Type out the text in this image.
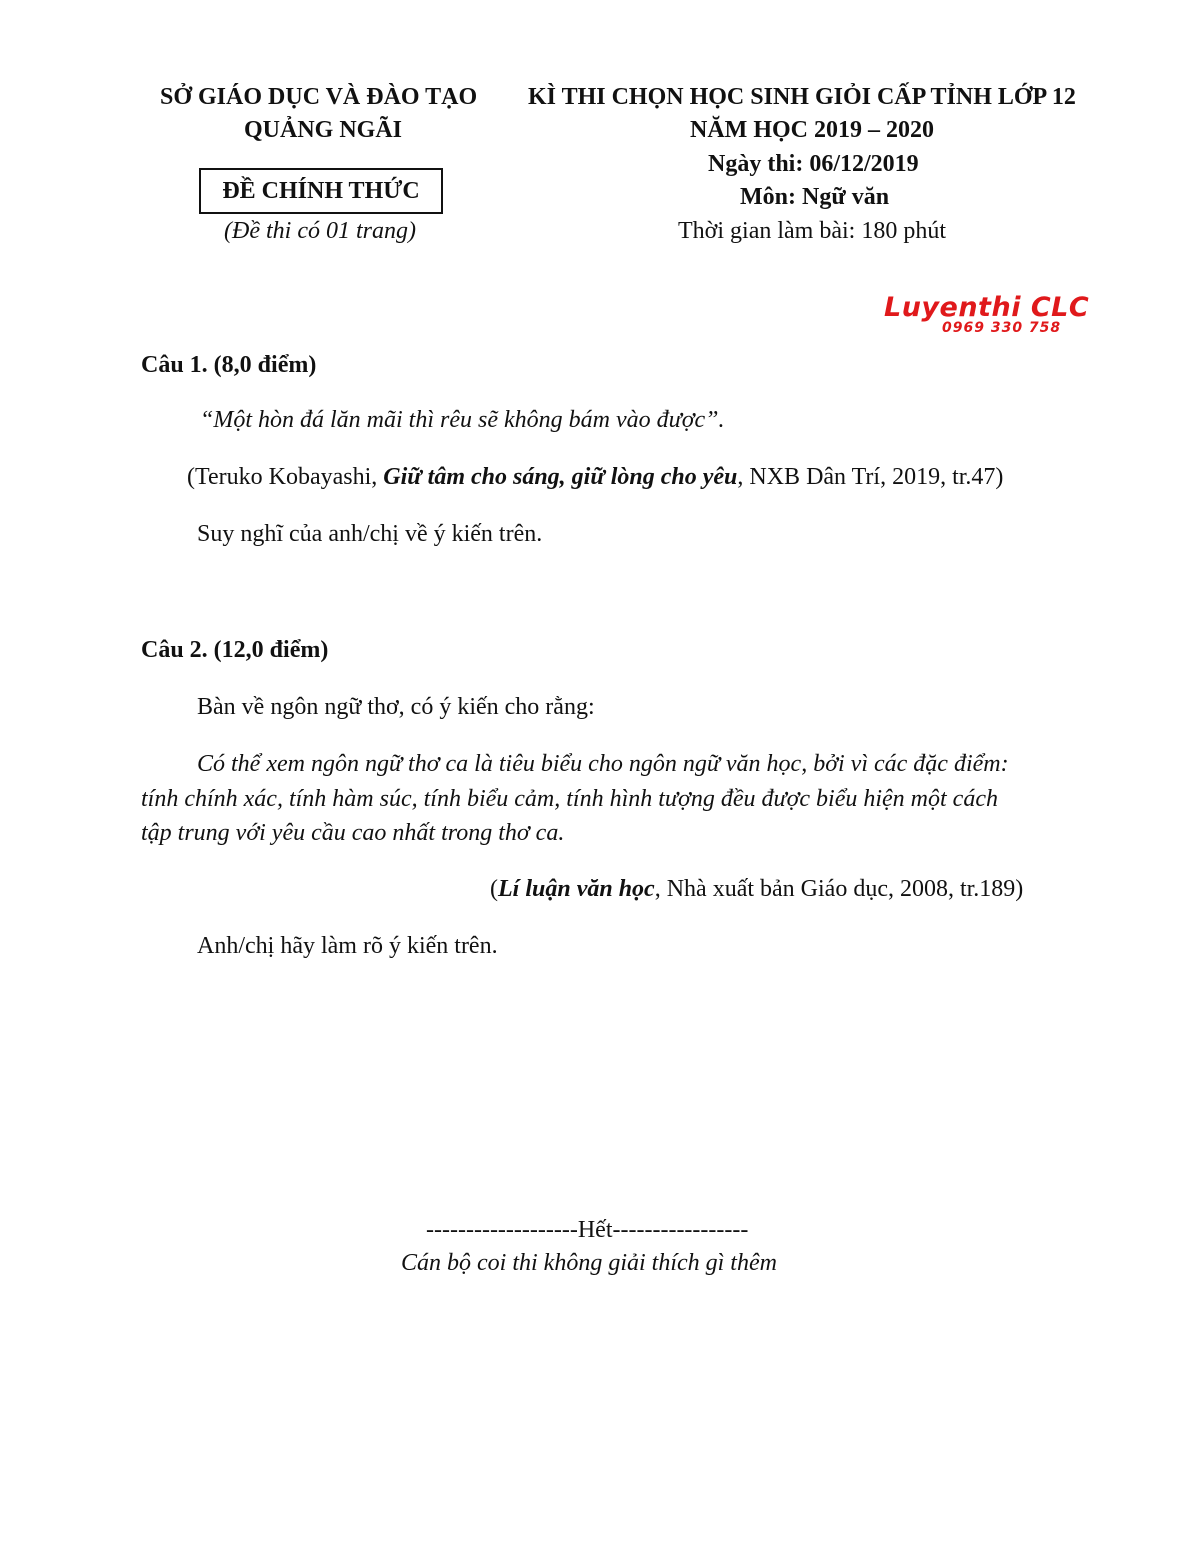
SỞ GIÁO DỤC VÀ ĐÀO TẠO
QUẢNG NGÃI
ĐỀ CHÍNH THỨC
(Đề thi có 01 trang)
KÌ THI CHỌN HỌC SINH GIỎI CẤP TỈNH LỚP 12
NĂM HỌC 2019 – 2020
Ngày thi: 06/12/2019
Môn: Ngữ văn
Thời gian làm bài: 180 phút
Luyenthi CLC
0969 330 758
Câu 1. (8,0 điểm)
“Một hòn đá lăn mãi thì rêu sẽ không bám vào được”.
(Teruko Kobayashi, Giữ tâm cho sáng, giữ lòng cho yêu, NXB Dân Trí, 2019, tr.47)
Suy nghĩ của anh/chị về ý kiến trên.
Câu 2. (12,0 điểm)
Bàn về ngôn ngữ thơ, có ý kiến cho rằng:
Có thể xem ngôn ngữ thơ ca là tiêu biểu cho ngôn ngữ văn học, bởi vì các đặc điểm:
tính chính xác, tính hàm súc, tính biểu cảm, tính hình tượng đều được biểu hiện một cách
tập trung với yêu cầu cao nhất trong thơ ca.
(Lí luận văn học, Nhà xuất bản Giáo dục, 2008, tr.189)
Anh/chị hãy làm rõ ý kiến trên.
-------------------Hết-----------------
Cán bộ coi thi không giải thích gì thêm
